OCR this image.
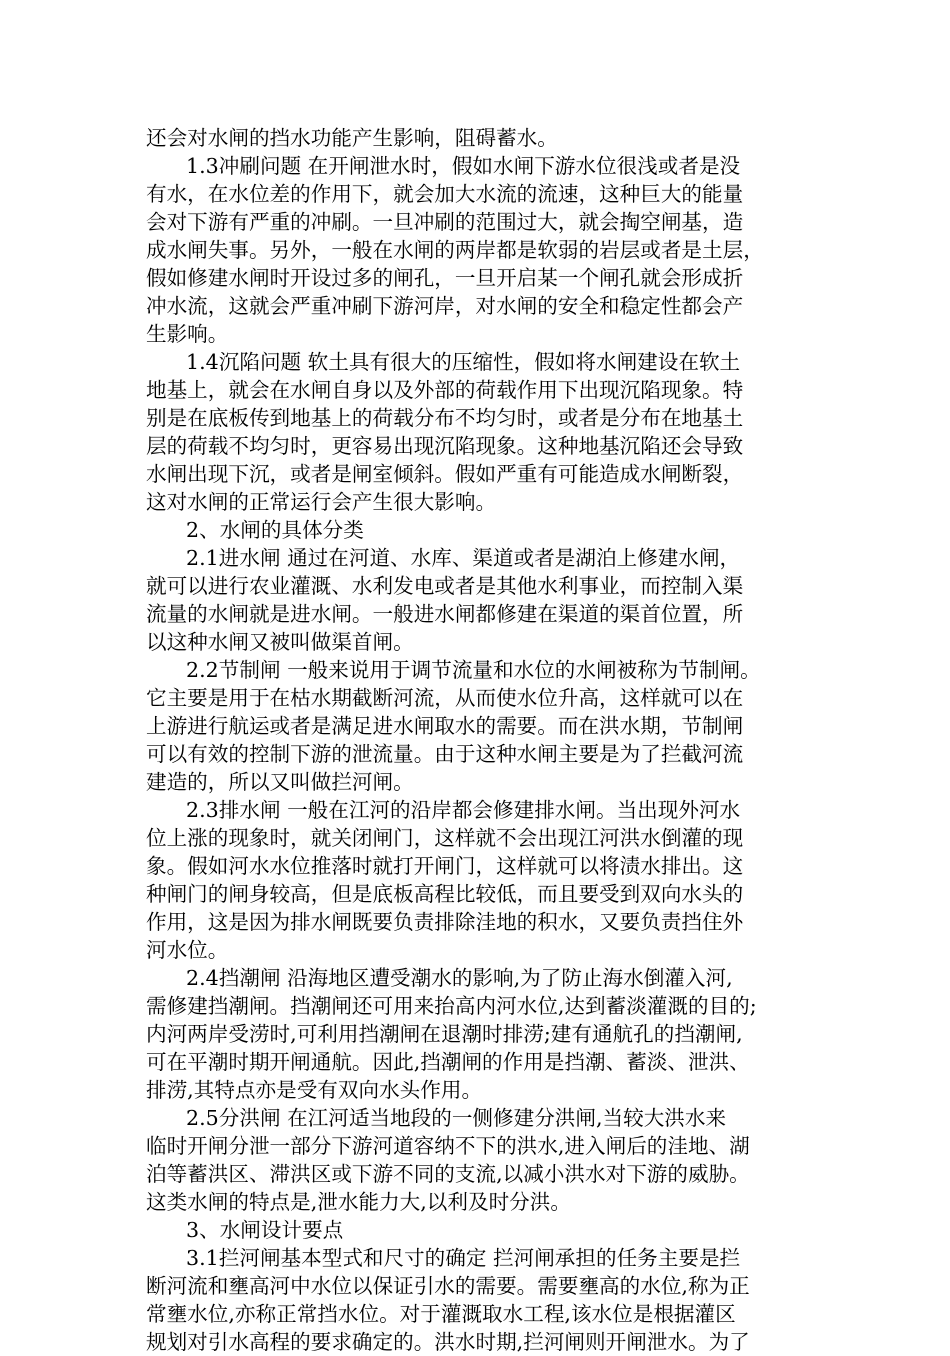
还会对水闸的挡水功能产生影响，阻碍蓄水。
1.3冲刷问题 在开闸泄水时，假如水闸下游水位很浅或者是没
有水，在水位差的作用下，就会加大水流的流速，这种巨大的能量
会对下游有严重的冲刷。一旦冲刷的范围过大，就会掏空闸基，造
成水闸失事。另外，一般在水闸的两岸都是软弱的岩层或者是土层，
假如修建水闸时开设过多的闸孔，一旦开启某一个闸孔就会形成折
冲水流，这就会严重冲刷下游河岸，对水闸的安全和稳定性都会产
生影响。
1.4沉陷问题 软土具有很大的压缩性，假如将水闸建设在软土
地基上，就会在水闸自身以及外部的荷载作用下出现沉陷现象。特
别是在底板传到地基上的荷载分布不均匀时，或者是分布在地基土
层的荷载不均匀时，更容易出现沉陷现象。这种地基沉陷还会导致
水闸出现下沉，或者是闸室倾斜。假如严重有可能造成水闸断裂，
这对水闸的正常运行会产生很大影响。
2、水闸的具体分类
2.1进水闸 通过在河道、水库、渠道或者是湖泊上修建水闸，
就可以进行农业灌溉、水利发电或者是其他水利事业，而控制入渠
流量的水闸就是进水闸。一般进水闸都修建在渠道的渠首位置，所
以这种水闸又被叫做渠首闸。
2.2节制闸 一般来说用于调节流量和水位的水闸被称为节制闸。
它主要是用于在枯水期截断河流，从而使水位升高，这样就可以在
上游进行航运或者是满足进水闸取水的需要。而在洪水期，节制闸
可以有效的控制下游的泄流量。由于这种水闸主要是为了拦截河流
建造的，所以又叫做拦河闸。
2.3排水闸 一般在江河的沿岸都会修建排水闸。当出现外河水
位上涨的现象时，就关闭闸门，这样就不会出现江河洪水倒灌的现
象。假如河水水位推落时就打开闸门，这样就可以将渍水排出。这
种闸门的闸身较高，但是底板高程比较低，而且要受到双向水头的
作用，这是因为排水闸既要负责排除洼地的积水，又要负责挡住外
河水位。
2.4挡潮闸 沿海地区遭受潮水的影响,为了防止海水倒灌入河,
需修建挡潮闸。挡潮闸还可用来抬高内河水位,达到蓄淡灌溉的目的;
内河两岸受涝时,可利用挡潮闸在退潮时排涝;建有通航孔的挡潮闸,
可在平潮时期开闸通航。因此,挡潮闸的作用是挡潮、蓄淡、泄洪、
排涝,其特点亦是受有双向水头作用。
2.5分洪闸 在江河适当地段的一侧修建分洪闸,当较大洪水来
临时开闸分泄一部分下游河道容纳不下的洪水,进入闸后的洼地、湖
泊等蓄洪区、滞洪区或下游不同的支流,以减小洪水对下游的威胁。
这类水闸的特点是,泄水能力大,以利及时分洪。
3、水闸设计要点
3.1拦河闸基本型式和尺寸的确定 拦河闸承担的任务主要是拦
断河流和壅高河中水位以保证引水的需要。需要壅高的水位,称为正
常壅水位,亦称正常挡水位。对于灌溉取水工程,该水位是根据灌区
规划对引水高程的要求确定的。洪水时期,拦河闸则开闸泄水。为了
